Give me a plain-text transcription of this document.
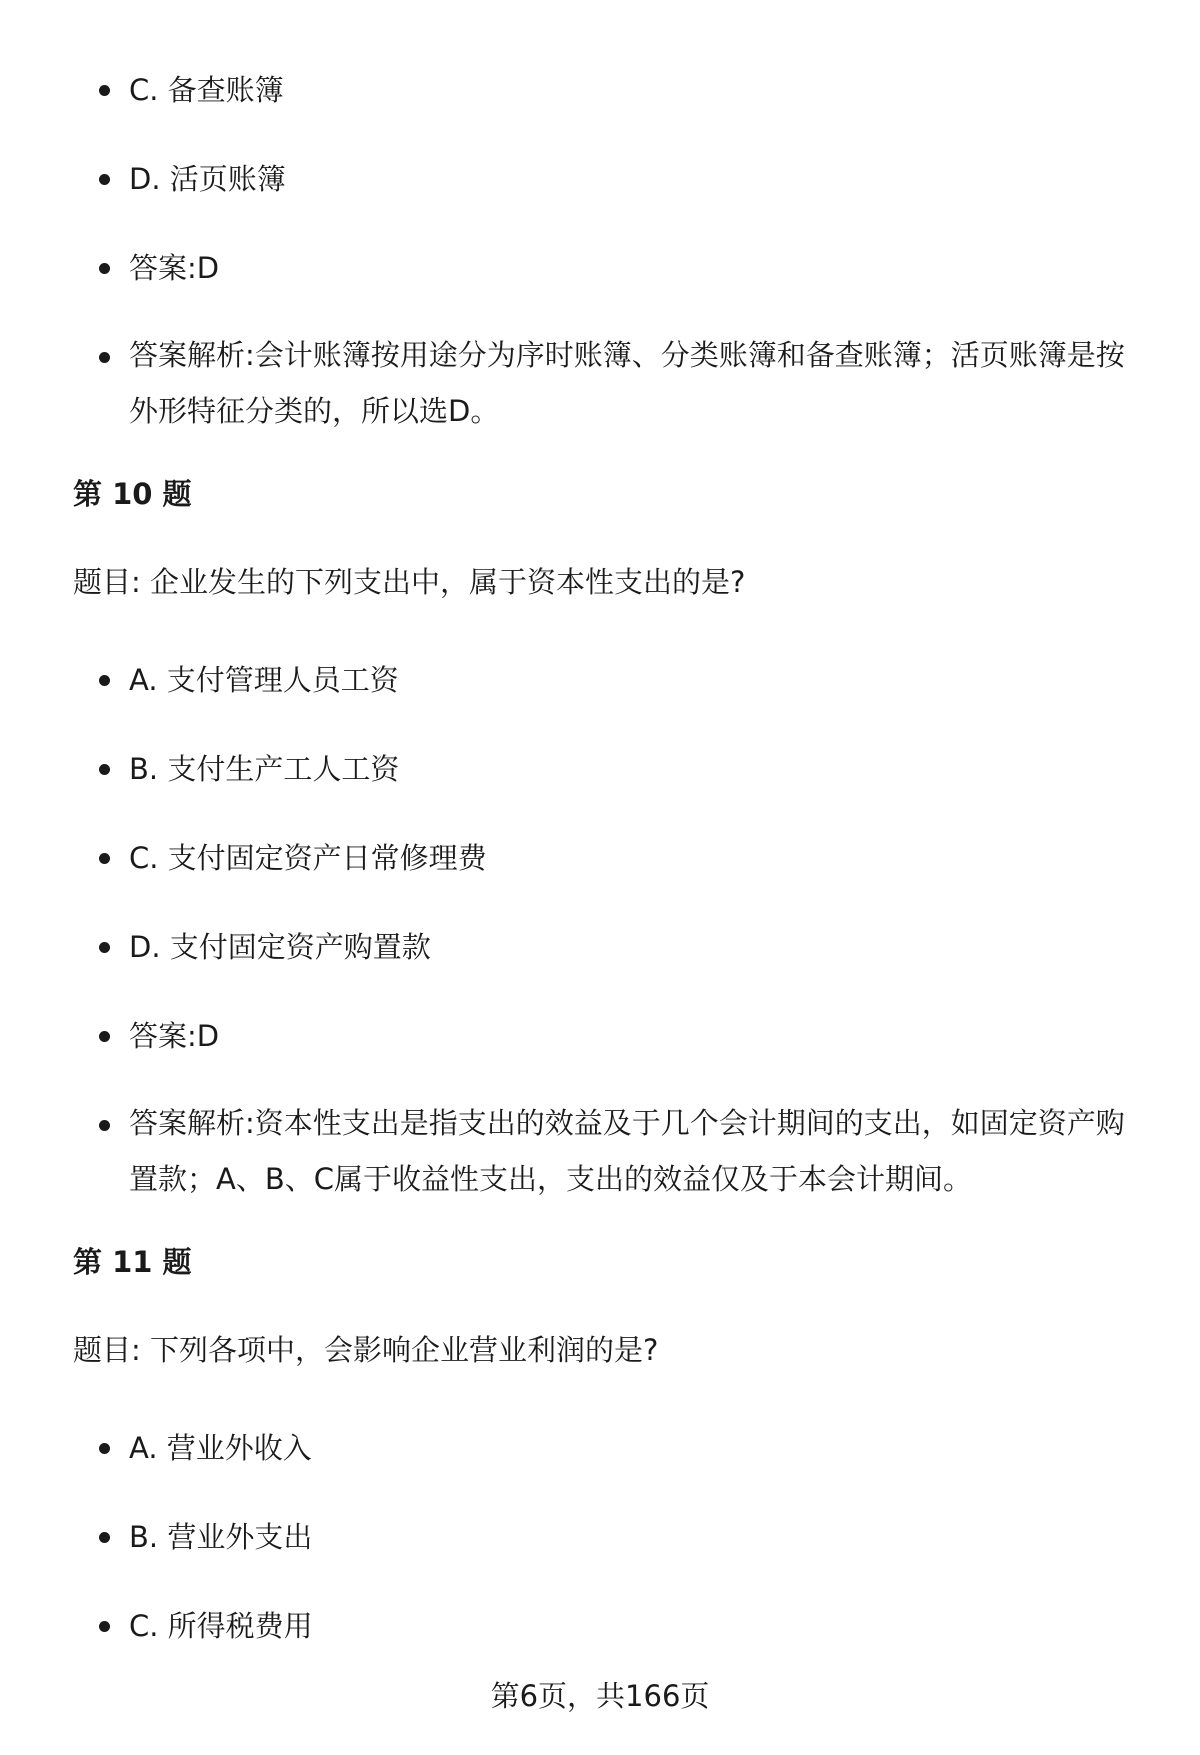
C. 备查账簿
D. 活页账簿
答案:D
答案解析:会计账簿按用途分为序时账簿、分类账簿和备查账簿；活页账簿是按外形特征分类的，所以选D。
第 10 题
题目: 企业发生的下列支出中，属于资本性支出的是?
A. 支付管理人员工资
B. 支付生产工人工资
C. 支付固定资产日常修理费
D. 支付固定资产购置款
答案:D
答案解析:资本性支出是指支出的效益及于几个会计期间的支出，如固定资产购置款；A、B、C属于收益性支出，支出的效益仅及于本会计期间。
第 11 题
题目: 下列各项中，会影响企业营业利润的是?
A. 营业外收入
B. 营业外支出
C. 所得税费用
第6页，共166页
